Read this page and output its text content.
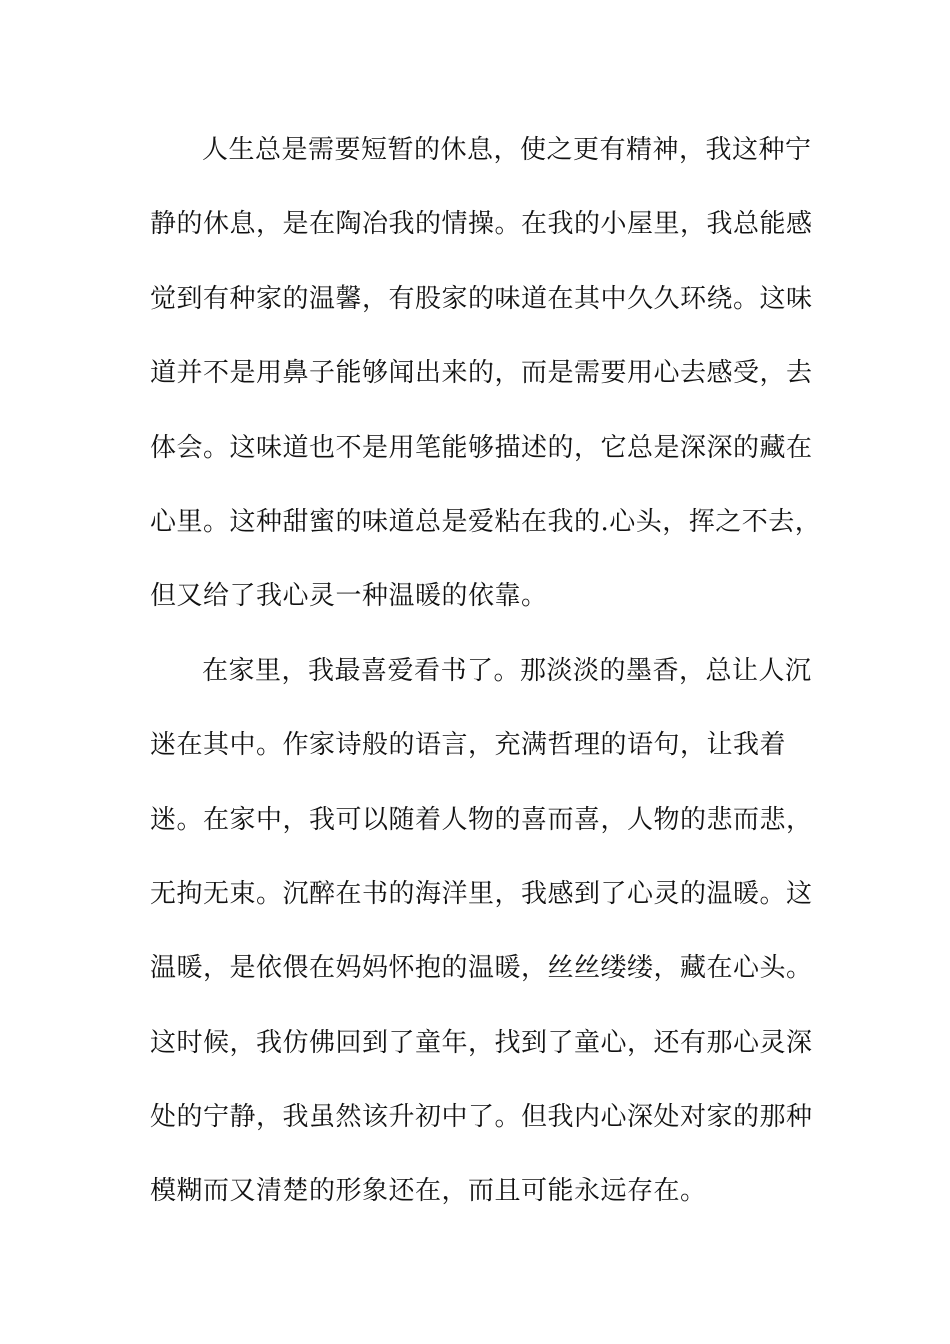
人生总是需要短暂的休息，使之更有精神，我这种宁
静的休息，是在陶冶我的情操。在我的小屋里，我总能感
觉到有种家的温馨，有股家的味道在其中久久环绕。这味
道并不是用鼻子能够闻出来的，而是需要用心去感受，去
体会。这味道也不是用笔能够描述的，它总是深深的藏在
心里。这种甜蜜的味道总是爱粘在我的.心头，挥之不去，
但又给了我心灵一种温暖的依靠。
在家里，我最喜爱看书了。那淡淡的墨香，总让人沉
迷在其中。作家诗般的语言，充满哲理的语句，让我着
迷。在家中，我可以随着人物的喜而喜，人物的悲而悲，
无拘无束。沉醉在书的海洋里，我感到了心灵的温暖。这
温暖，是依偎在妈妈怀抱的温暖，丝丝缕缕，藏在心头。
这时候，我仿佛回到了童年，找到了童心，还有那心灵深
处的宁静，我虽然该升初中了。但我内心深处对家的那种
模糊而又清楚的形象还在，而且可能永远存在。
